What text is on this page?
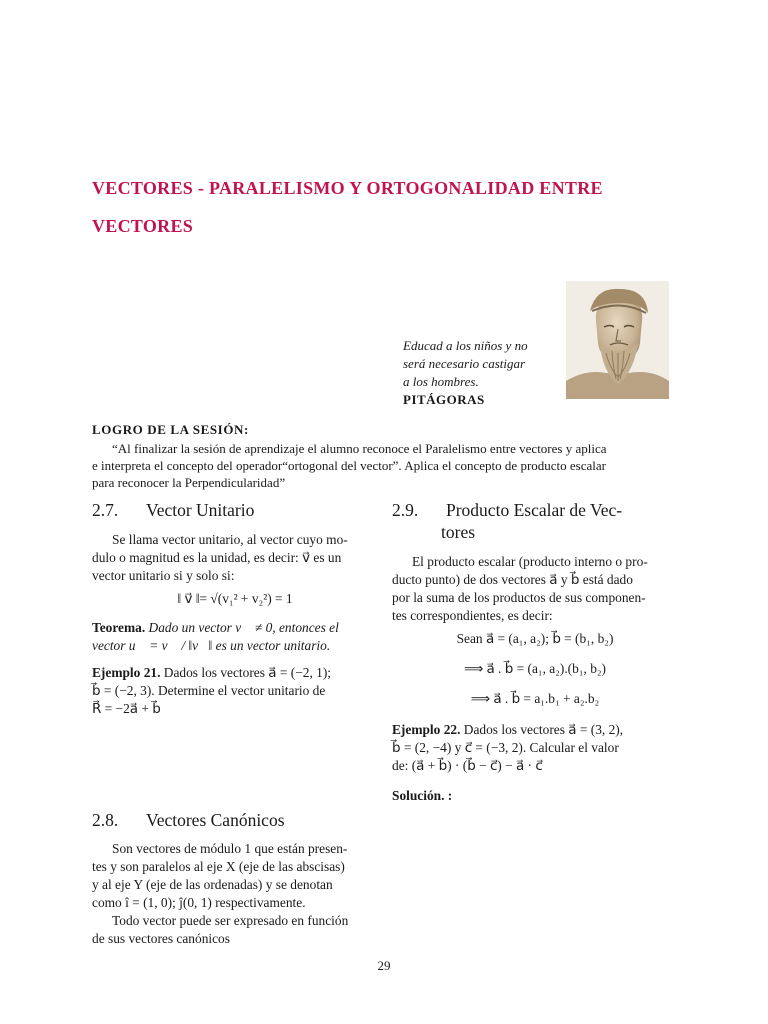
VECTORES - PARALELISMO Y ORTOGONALIDAD ENTRE
VECTORES
Educad a los niños y no
será necesario castigar
a los hombres.
PITÁGORAS
LOGRO DE LA SESIÓN:

“Al finalizar la sesión de aprendizaje el alumno reconoce el Paralelismo entre vectores y aplica

e interpreta el concepto del operador“ortogonal del vector”. Aplica el concepto de producto escalar

para reconocer la Perpendicularidad”

2.7. Vector Unitario

Se llama vector unitario, al vector cuyo mo-

dulo o magnitud es la unidad, es decir: v⃗ es un

vector unitario si y solo si:

‖ v⃗ ‖= √(v₁² + v₂²) = 1

Teorema. Dado un vector v⃗ ≠ 0, entonces el

vector u⃗ = v⃗ / ‖v⃗‖ es un vector unitario.

Ejemplo 21. Dados los vectores a⃗ = (−2, 1);

b⃗ = (−2, 3). Determine el vector unitario de

R⃗ = −2a⃗ + b⃗

2.8. Vectores Canónicos

Son vectores de módulo 1 que están presen-

tes y son paralelos al eje X (eje de las abscisas)

y al eje Y (eje de las ordenadas) y se denotan

como î = (1, 0); ĵ(0, 1) respectivamente.

Todo vector puede ser expresado en función

de sus vectores canónicos

2.9. Producto Escalar de Vec-
tores

El producto escalar (producto interno o pro-

ducto punto) de dos vectores a⃗ y b⃗ está dado

por la suma de los productos de sus componen-

tes correspondientes, es decir:

Sean a⃗ = (a₁, a₂); b⃗ = (b₁, b₂)
⟹ a⃗ . b⃗ = (a₁, a₂).(b₁, b₂)
⟹ a⃗ . b⃗ = a₁.b₁ + a₂.b₂

Ejemplo 22. Dados los vectores a⃗ = (3, 2),

b⃗ = (2, −4) y c⃗ = (−3, 2). Calcular el valor

de: (a⃗ + b⃗) · (b⃗ − c⃗) − a⃗ · c⃗

Solución. :
29
